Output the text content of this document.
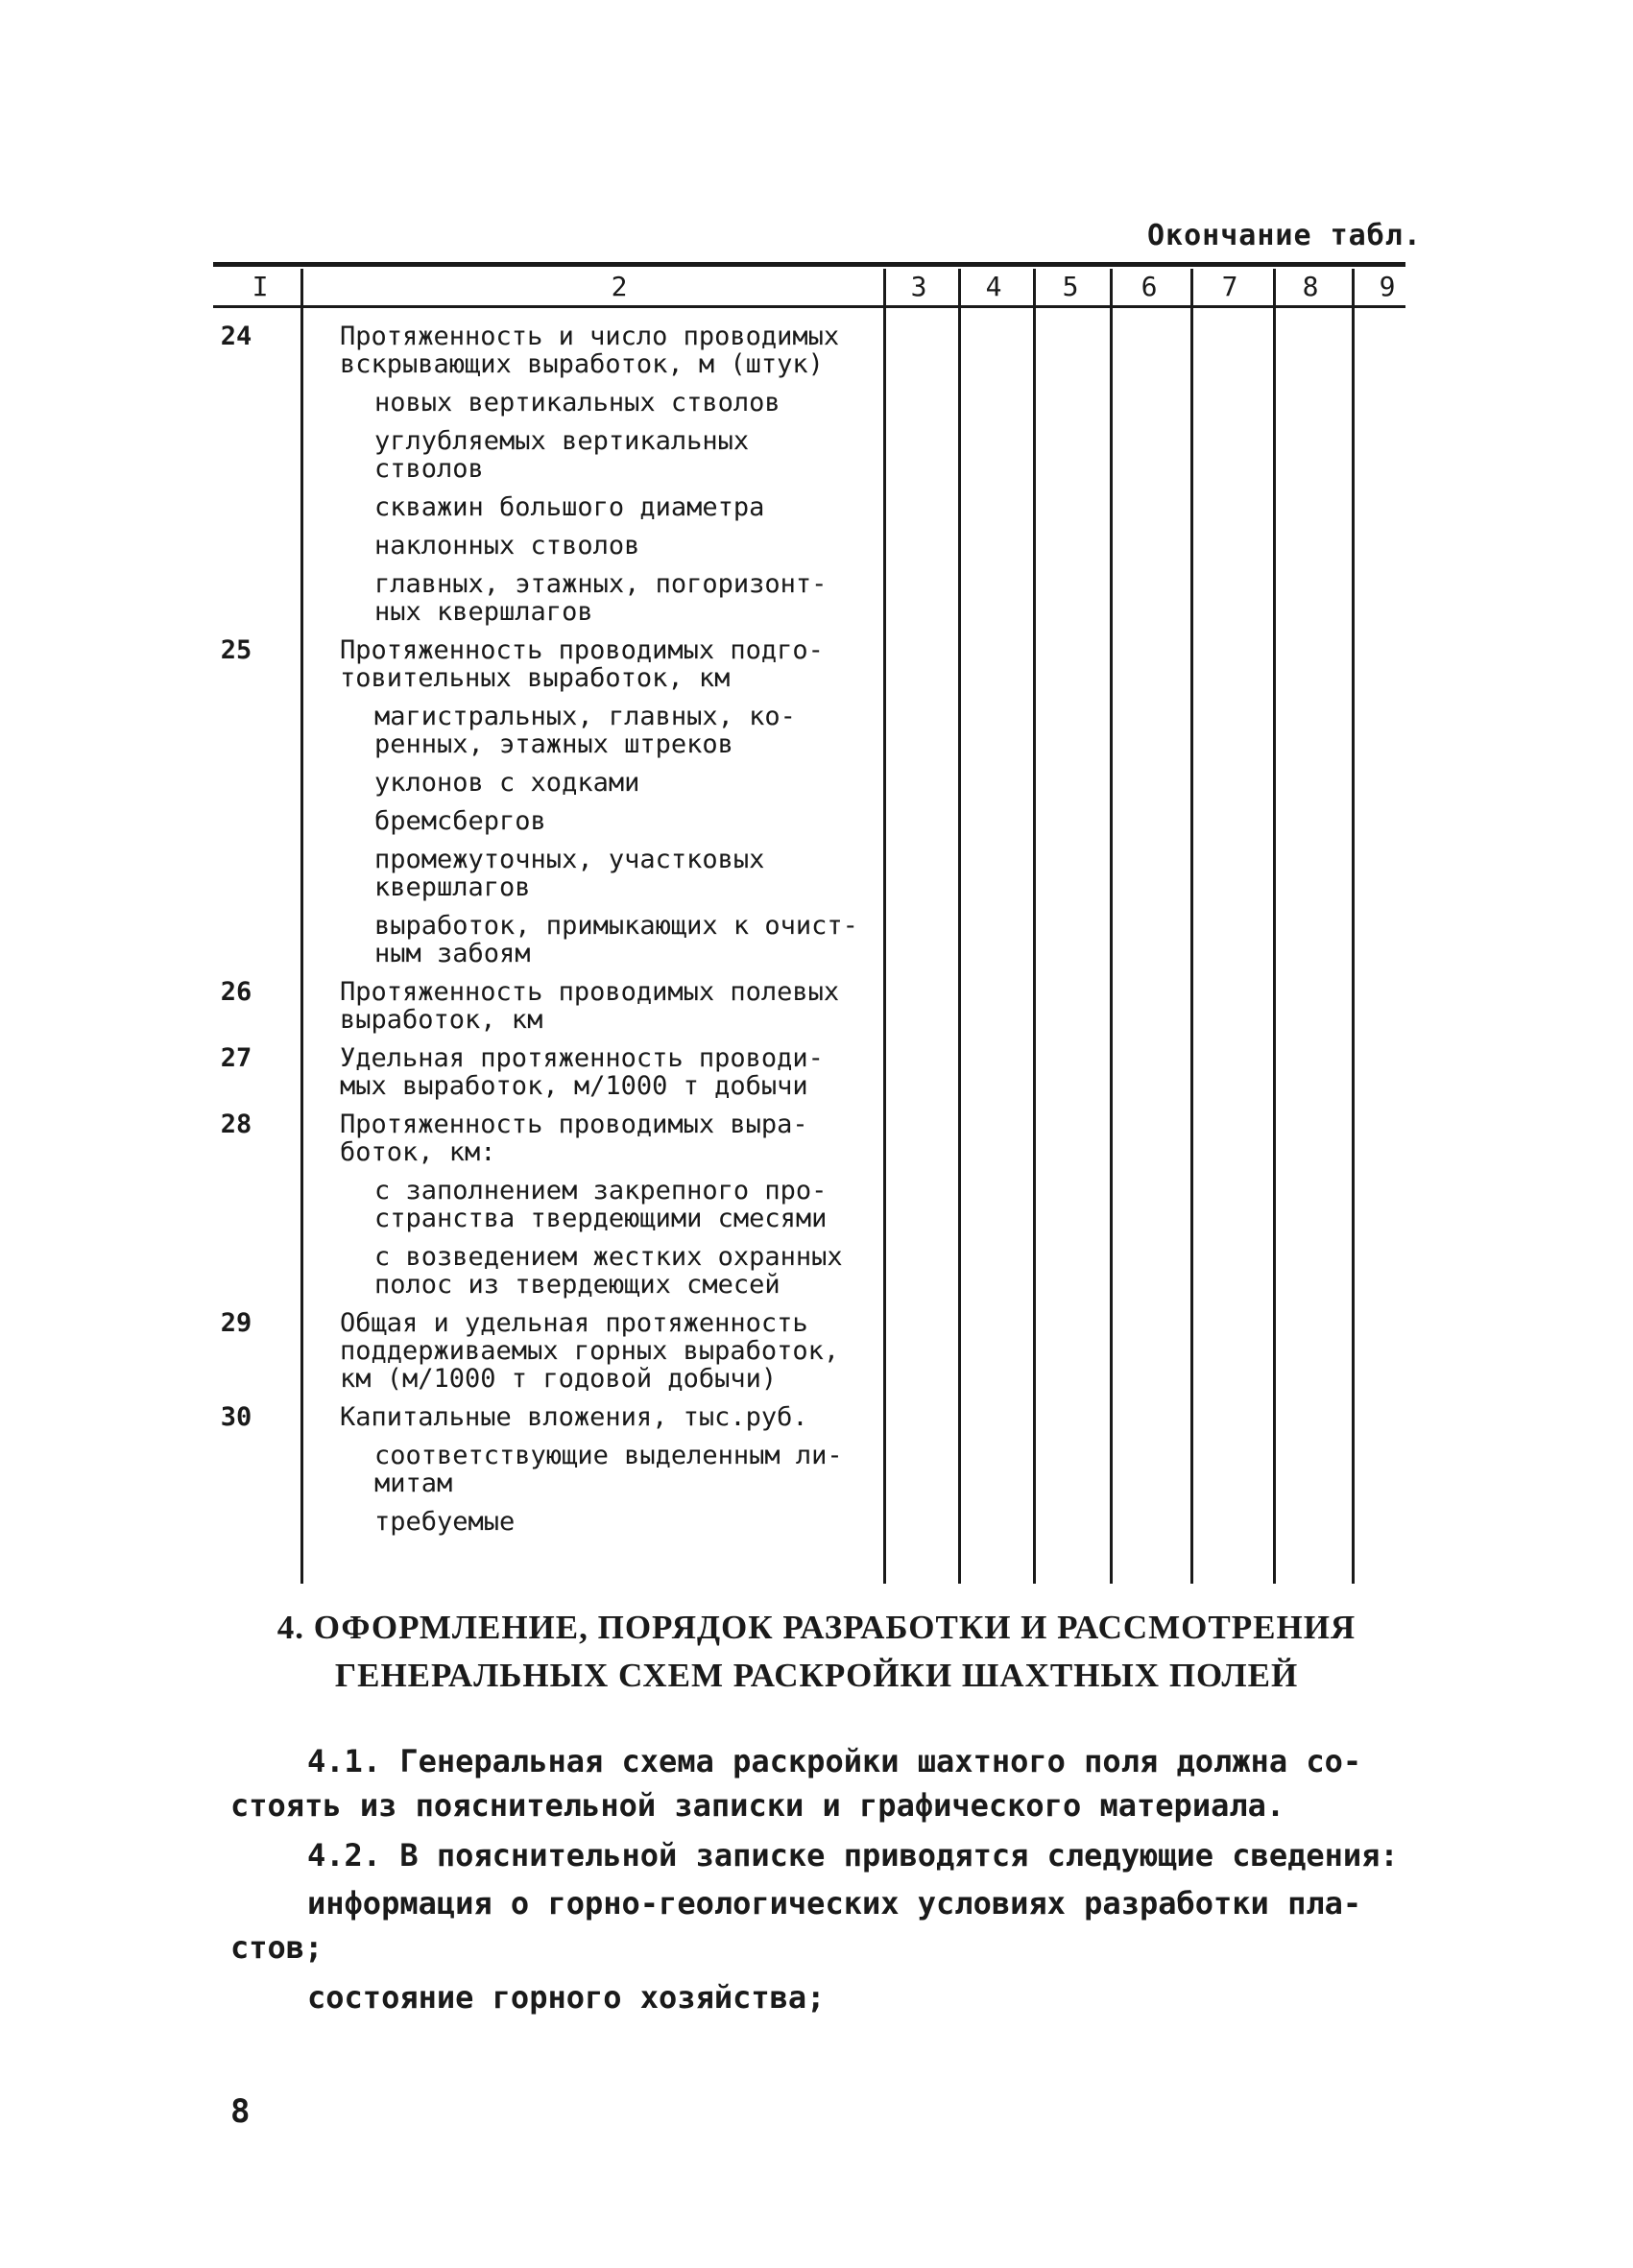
Окончание табл.
I	2	3	4	5	6	7	8	9
24	Протяженность и число проводимых
вскрывающих выработок, м (штук)
новых вертикальных стволов
углубляемых вертикальных
стволов
скважин большого диаметра
наклонных стволов
главных, этажных, погоризонт-
ных квершлагов
25	Протяженность проводимых подго-
товительных выработок, км
магистральных, главных, ко-
ренных, этажных штреков
уклонов с ходками
бремсбергов
промежуточных, участковых
квершлагов
выработок, примыкающих к очист-
ным забоям
26	Протяженность проводимых полевых
выработок, км
27	Удельная протяженность проводи-
мых выработок, м/1000 т добычи
28	Протяженность проводимых выра-
боток, км:
с заполнением закрепного про-
странства твердеющими смесями
с возведением жестких охранных
полос из твердеющих смесей
29	Общая и удельная протяженность
поддерживаемых горных выработок,
км (м/1000 т годовой добычи)
30	Капитальные вложения, тыс.руб.
соответствующие выделенным ли-
митам
требуемые
4. ОФОРМЛЕНИЕ, ПОРЯДОК РАЗРАБОТКИ И РАССМОТРЕНИЯ
ГЕНЕРАЛЬНЫХ СХЕМ РАСКРОЙКИ ШАХТНЫХ ПОЛЕЙ
4.1. Генеральная схема раскройки шахтного поля должна со-
стоять из пояснительной записки и графического материала.
4.2. В пояснительной записке приводятся следующие сведения:
информация о горно-геологических условиях разработки пла-
стов;
состояние горного хозяйства;
8
